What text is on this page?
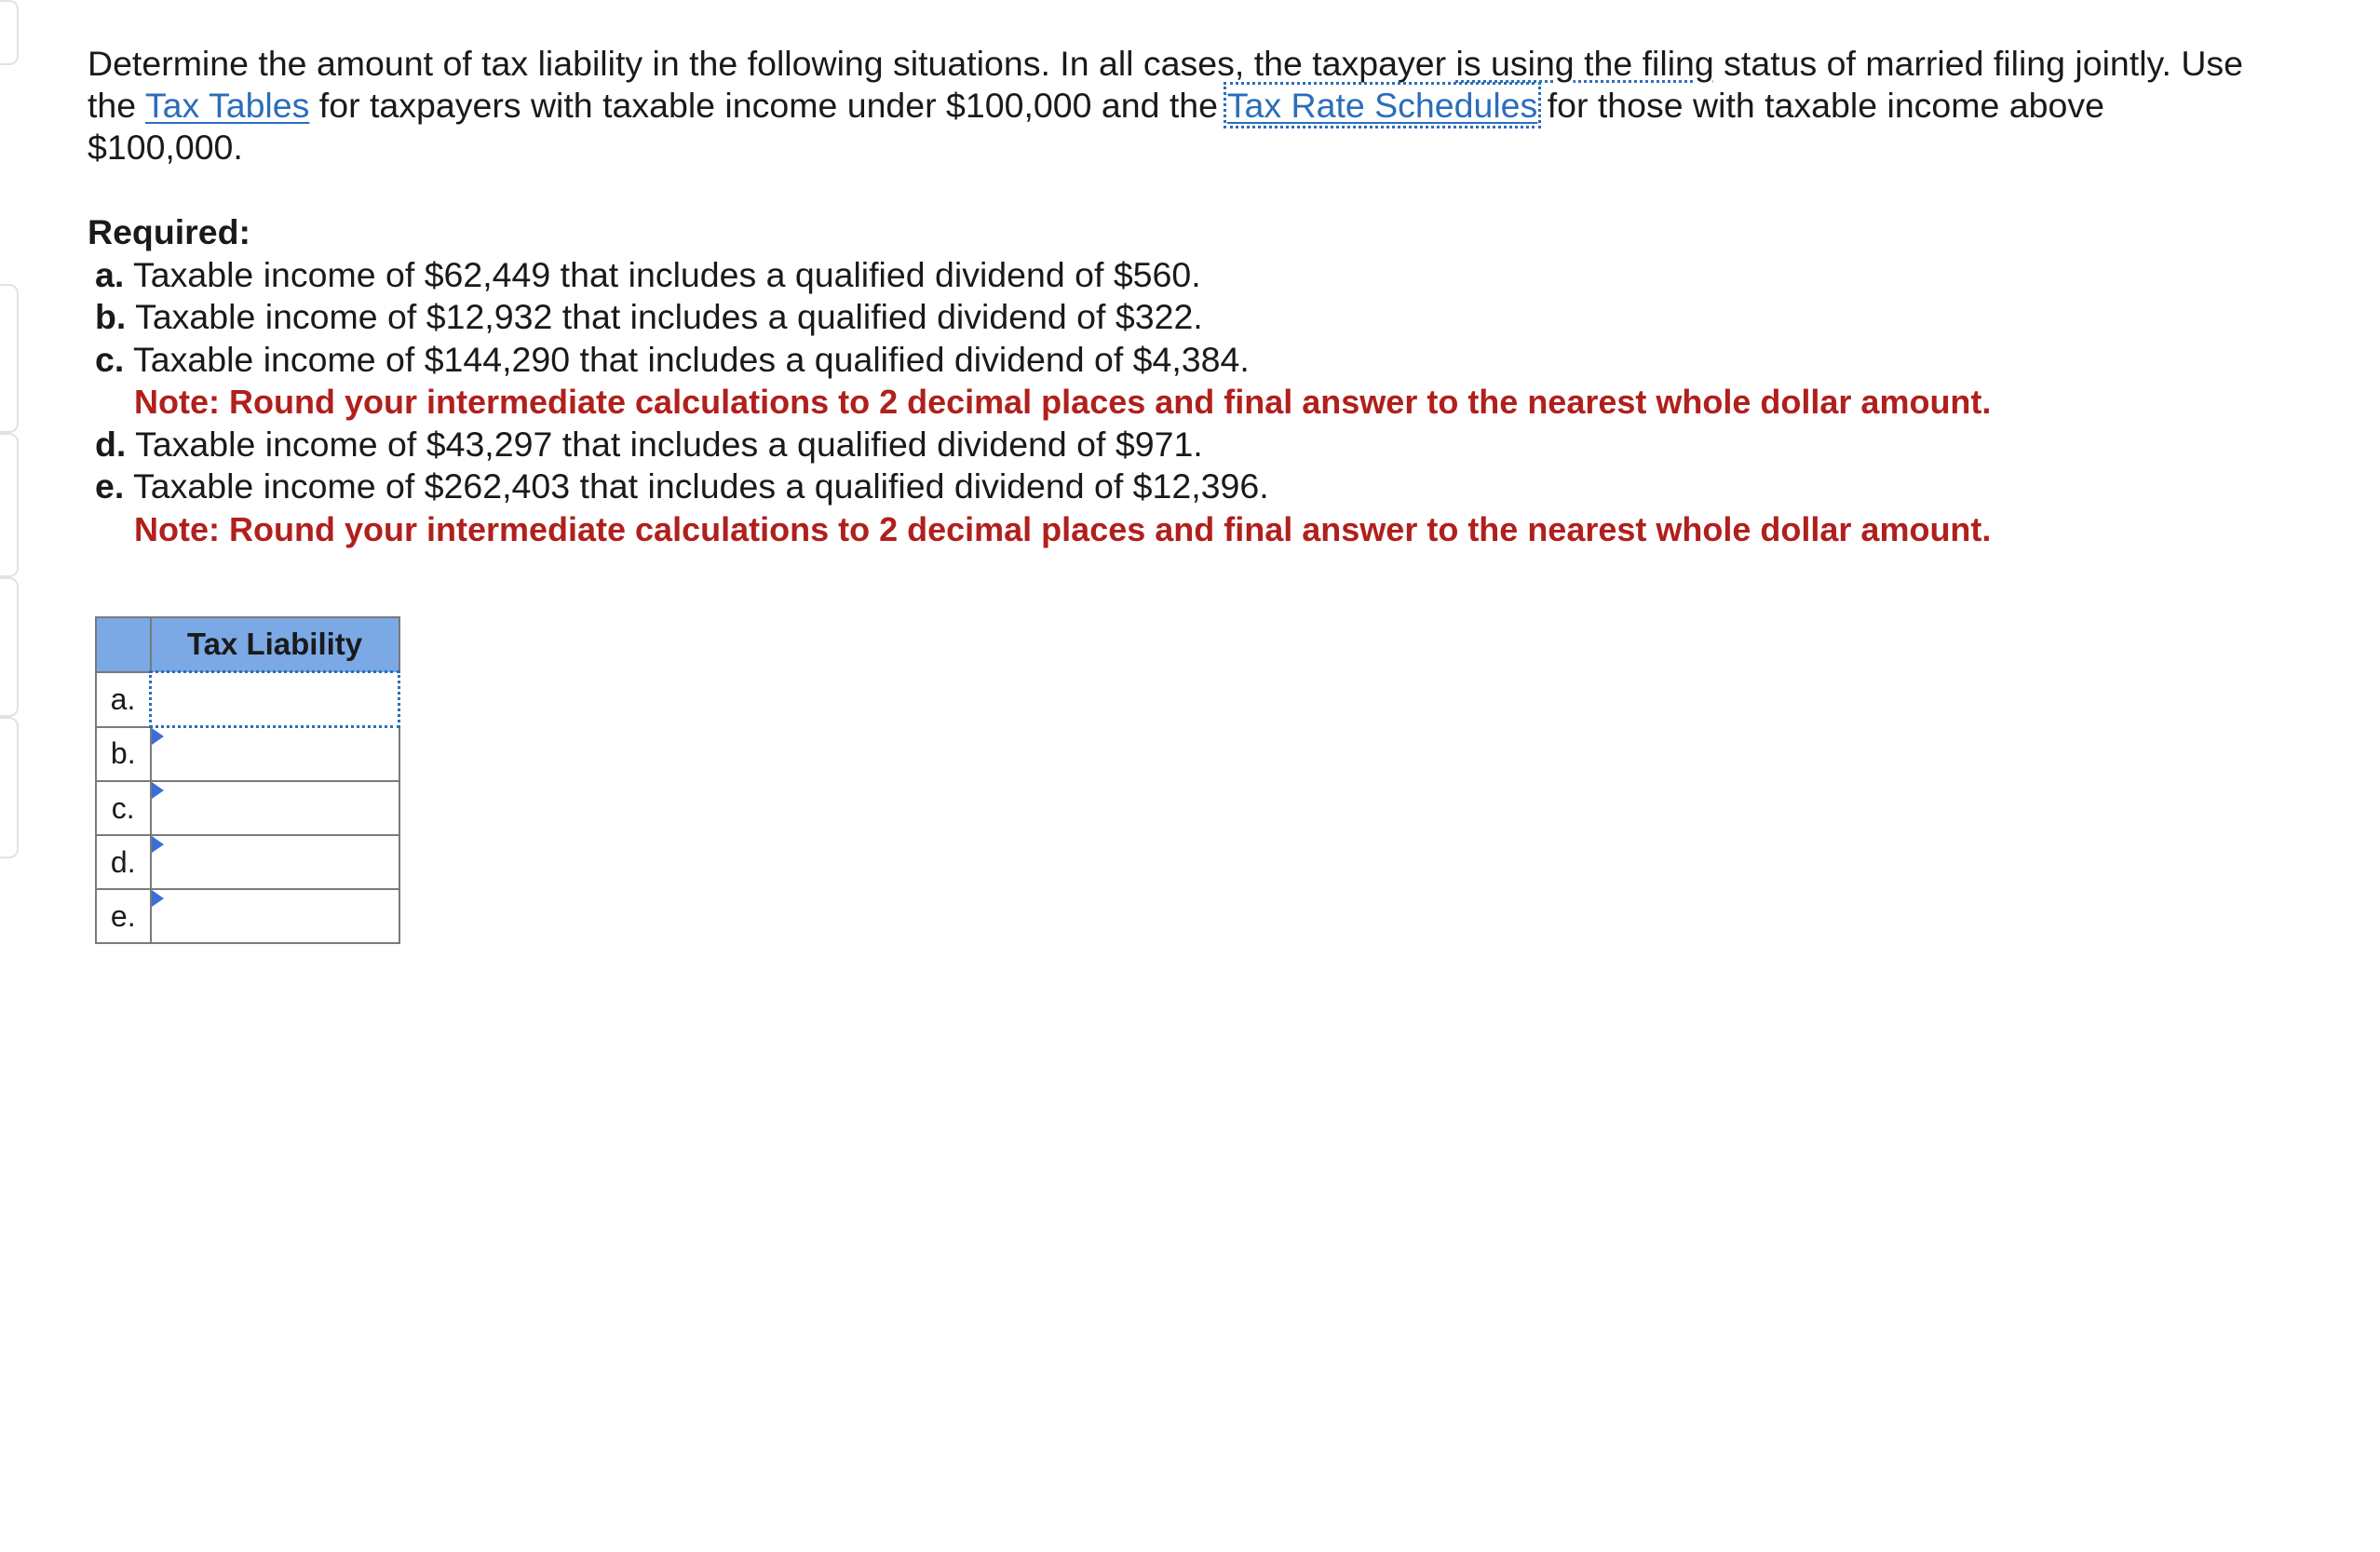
Determine the amount of tax liability in the following situations. In all cases, the taxpayer is using the filing status of married filing jointly. Use the Tax Tables for taxpayers with taxable income under $100,000 and the Tax Rate Schedules for those with taxable income above $100,000.

Required:
a. Taxable income of $62,449 that includes a qualified dividend of $560.
b. Taxable income of $12,932 that includes a qualified dividend of $322.
c. Taxable income of $144,290 that includes a qualified dividend of $4,384.
Note: Round your intermediate calculations to 2 decimal places and final answer to the nearest whole dollar amount.
d. Taxable income of $43,297 that includes a qualified dividend of $971.
e. Taxable income of $262,403 that includes a qualified dividend of $12,396.
Note: Round your intermediate calculations to 2 decimal places and final answer to the nearest whole dollar amount.
	Tax Liability
a.	
b.	

c.	

d.	

e.	
